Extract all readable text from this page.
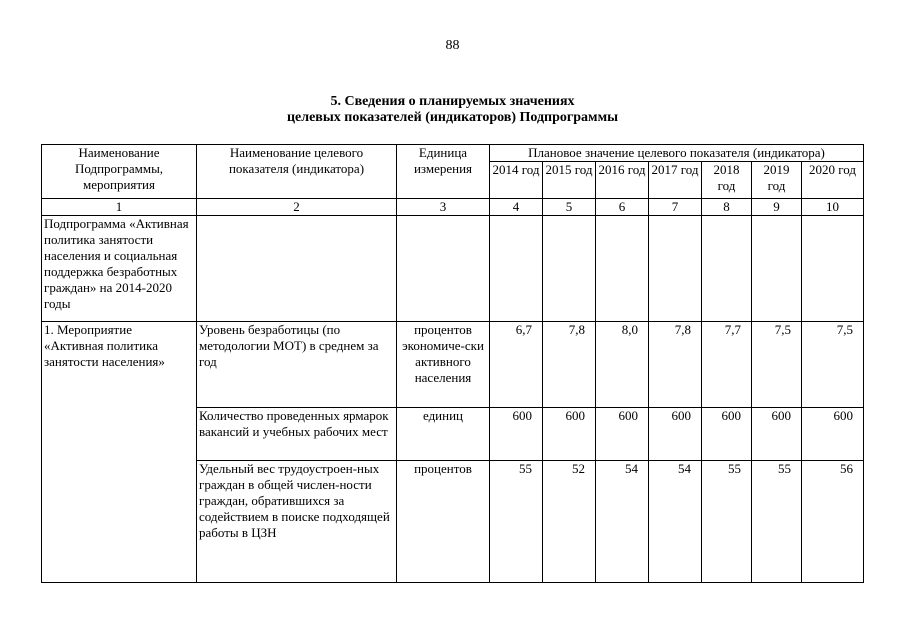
88
5. Сведения о планируемых значениях
целевых показателей (индикаторов) Подпрограммы
Наименование Подпрограммы, мероприятия	Наименование целевого показателя (индикатора)	Единица измерения	Плановое значение целевого показателя (индикатора)						
			2014 год	2015 год	2016 год	2017 год	2018 год	2019 год	2020 год
1	2	3	4	5	6	7	8	9	10
Подпрограмма «Активная политика занятости населения и социальная поддержка безработных граждан» на 2014-2020 годы									
1. Мероприятие «Активная политика занятости населения»	Уровень безработицы (по методологии МОТ) в среднем за год	процентов экономиче-ски активного населения	6,7	7,8	8,0	7,8	7,7	7,5	7,5
	Количество проведенных ярмарок вакансий и учебных рабочих мест	единиц	600	600	600	600	600	600	600
	Удельный вес трудоустроен-ных граждан в общей числен-ности граждан, обратившихся за содействием в поиске подходящей работы в ЦЗН	процентов	55	52	54	54	55	55	56
